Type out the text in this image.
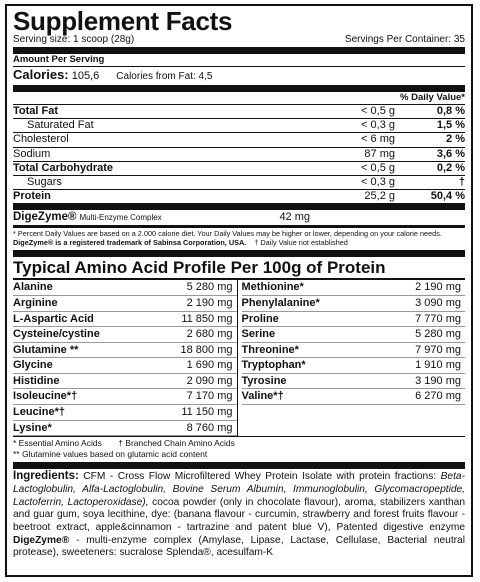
Supplement Facts
Serving size: 1 scoop (28g)	Servings Per Container: 35
Amount Per Serving
Calories: 105,6 Calories from Fat: 4,5
% Daily Value*
Total Fat	< 0,5 g	0,8 %
Saturated Fat	< 0,3 g	1,5 %
Cholesterol	< 6 mg	2 %
Sodium	87 mg	3,6 %
Total Carbohydrate	< 0,5 g	0,2 %
Sugars	< 0,3 g	†
Protein	25,2 g	50,4 %
DigeZyme® Multi-Enzyme Complex	42 mg
* Percent Daily Values are based on a 2.000 calorie diet. Your Daily Values may be higher or lower, depending on your calorie needs.
DigeZyme® is a registered trademark of Sabinsa Corporation, USA. † Daily Value not established
Typical Amino Acid Profile Per 100g of Protein
Alanine	5 280 mg
Arginine	2 190 mg
L-Aspartic Acid	11 850 mg
Cysteine/cystine	2 680 mg
Glutamine **	18 800 mg
Glycine	1 690 mg
Histidine	2 090 mg
Isoleucine*†	7 170 mg
Leucine*†	11 150 mg
Lysine*	8 760 mg
Methionine*	2 190 mg
Phenylalanine*	3 090 mg
Proline	7 770 mg
Serine	5 280 mg
Threonine*	7 970 mg
Tryptophan*	1 910 mg
Tyrosine	3 190 mg
Valine*†	6 270 mg
* Essential Amino Acids † Branched Chain Amino Acids
** Glutamine values based on glutamic acid content
Ingredients: CFM - Cross Flow Microfiltered Whey Protein Isolate with protein fractions: Beta-Lactoglobulin, Alfa-Lactoglobulin, Bovine Serum Albumin, Immunoglobulin, Glycomacropeptide, Lactoferrin, Lactoperoxidase), cocoa powder (only in chocolate flavour), aroma, stabilizers xanthan and guar gum, soya lecithine, dye: (banana flavour - curcumin, strawberry and forest fruits flavour - beetroot extract, apple&cinnamon - tartrazine and patent blue V), Patented digestive enzyme DigeZyme® - multi-enzyme complex (Amylase, Lipase, Lactase, Cellulase, Bacterial neutral protease), sweeteners: sucralose Splenda®, acesulfam-K
